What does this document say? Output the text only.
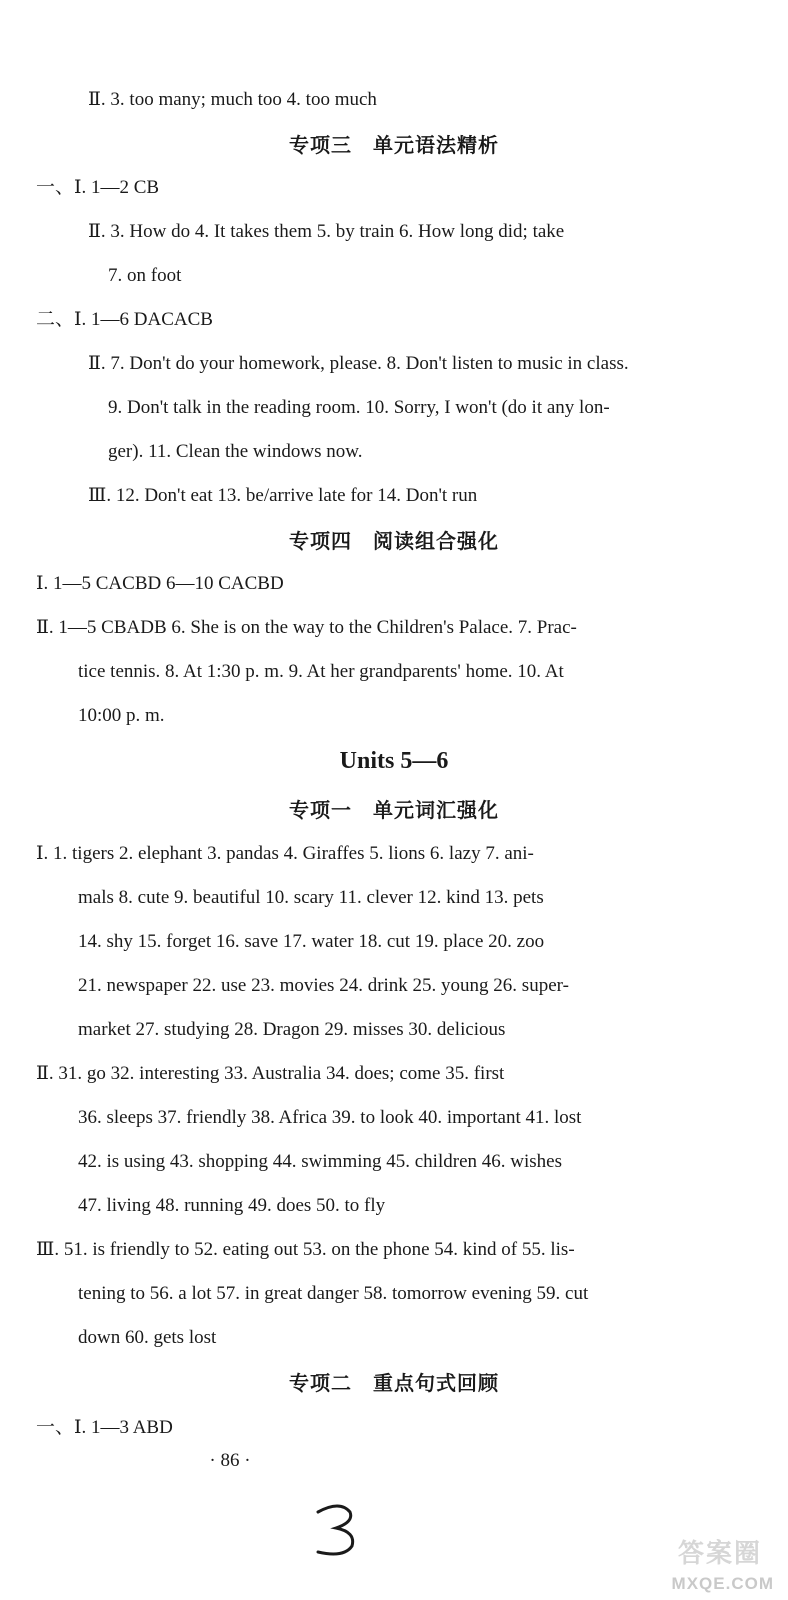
Ⅱ. 3. too many; much too 4. too much
专项三　单元语法精析
一、Ⅰ. 1—2 CB
Ⅱ. 3. How do 4. It takes them 5. by train 6. How long did; take
7. on foot
二、Ⅰ. 1—6 DACACB
Ⅱ. 7. Don't do your homework, please. 8. Don't listen to music in class.
9. Don't talk in the reading room. 10. Sorry, I won't (do it any lon-
ger). 11. Clean the windows now.
Ⅲ. 12. Don't eat 13. be/arrive late for 14. Don't run
专项四　阅读组合强化
Ⅰ. 1—5 CACBD 6—10 CACBD
Ⅱ. 1—5 CBADB 6. She is on the way to the Children's Palace. 7. Prac-
tice tennis. 8. At 1:30 p. m. 9. At her grandparents' home. 10. At
10:00 p. m.
Units 5—6
专项一　单元词汇强化
Ⅰ. 1. tigers 2. elephant 3. pandas 4. Giraffes 5. lions 6. lazy 7. ani-
mals 8. cute 9. beautiful 10. scary 11. clever 12. kind 13. pets
14. shy 15. forget 16. save 17. water 18. cut 19. place 20. zoo
21. newspaper 22. use 23. movies 24. drink 25. young 26. super-
market 27. studying 28. Dragon 29. misses 30. delicious
Ⅱ. 31. go 32. interesting 33. Australia 34. does; come 35. first
36. sleeps 37. friendly 38. Africa 39. to look 40. important 41. lost
42. is using 43. shopping 44. swimming 45. children 46. wishes
47. living 48. running 49. does 50. to fly
Ⅲ. 51. is friendly to 52. eating out 53. on the phone 54. kind of 55. lis-
tening to 56. a lot 57. in great danger 58. tomorrow evening 59. cut
down 60. gets lost
专项二　重点句式回顾
一、Ⅰ. 1—3 ABD
· 86 ·
答案圈
MXQE.COM
